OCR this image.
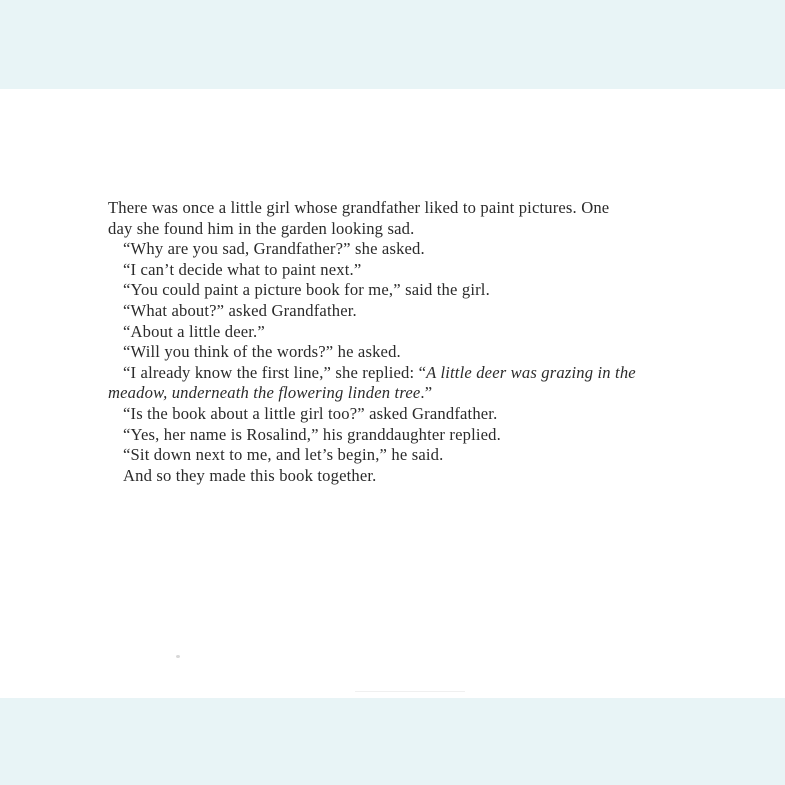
There was once a little girl whose grandfather liked to paint pictures. One day she found him in the garden looking sad.

“Why are you sad, Grandfather?” she asked.

“I can’t decide what to paint next.”

“You could paint a picture book for me,” said the girl.

“What about?” asked Grandfather.

“About a little deer.”

“Will you think of the words?” he asked.

“I already know the first line,” she replied: “A little deer was grazing in the meadow, underneath the flowering linden tree.”

“Is the book about a little girl too?” asked Grandfather.

“Yes, her name is Rosalind,” his granddaughter replied.

“Sit down next to me, and let’s begin,” he said.

And so they made this book together.
